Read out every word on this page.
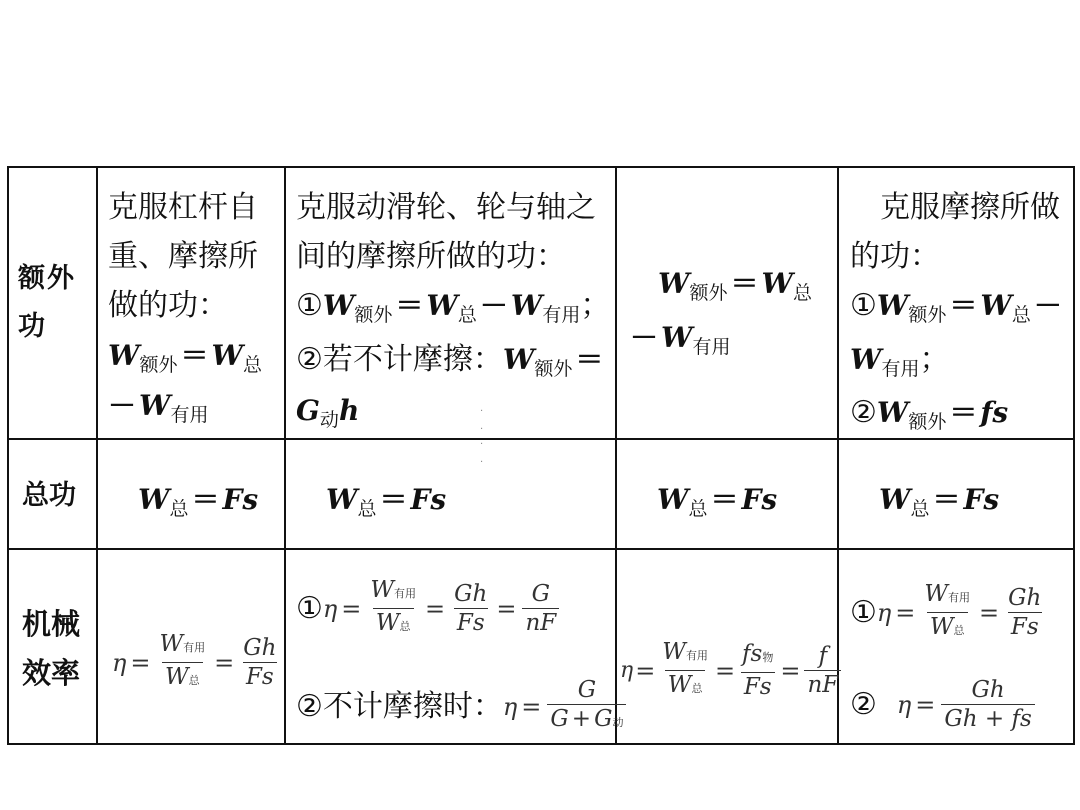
额外功
总功
机械效率
克服杠杆自重、摩擦所做的功：
W额外 ＝ W总
－ W有用
克服动滑轮、轮与轴之
间的摩擦所做的功：
①W额外 ＝ W总 － W有用；
②若不计摩擦：W额外 ＝
G动h
W额外 ＝ W总
－ W有用
克服摩擦所做
的功：
①W额外 ＝ W总 －
W有用；
②W额外 ＝ fs
.
.
·
·
W总 ＝ Fs W总 ＝ Fs	W总 ＝ Fs	W总 ＝ Fs
$\eta = \frac{\text{W有用}}{\text{W总}} = \frac{Gh}{Fs}$
① $\eta = \frac{\text{W有用}}{\text{W总}} = \frac{Gh}{Fs} = \frac{G}{nF}$
② 不计摩擦时： $\eta = \frac{G}{\text{G + G动}}$
$\eta = \frac{\text{W有用}}{\text{W总}} = \frac{\text{fs物}}{Fs} = \frac{f}{nF}$
① $\eta = \frac{\text{W有用}}{\text{W总}} = \frac{Gh}{Fs}$
② $\eta = \frac{Gh}{Gh + fs}$
